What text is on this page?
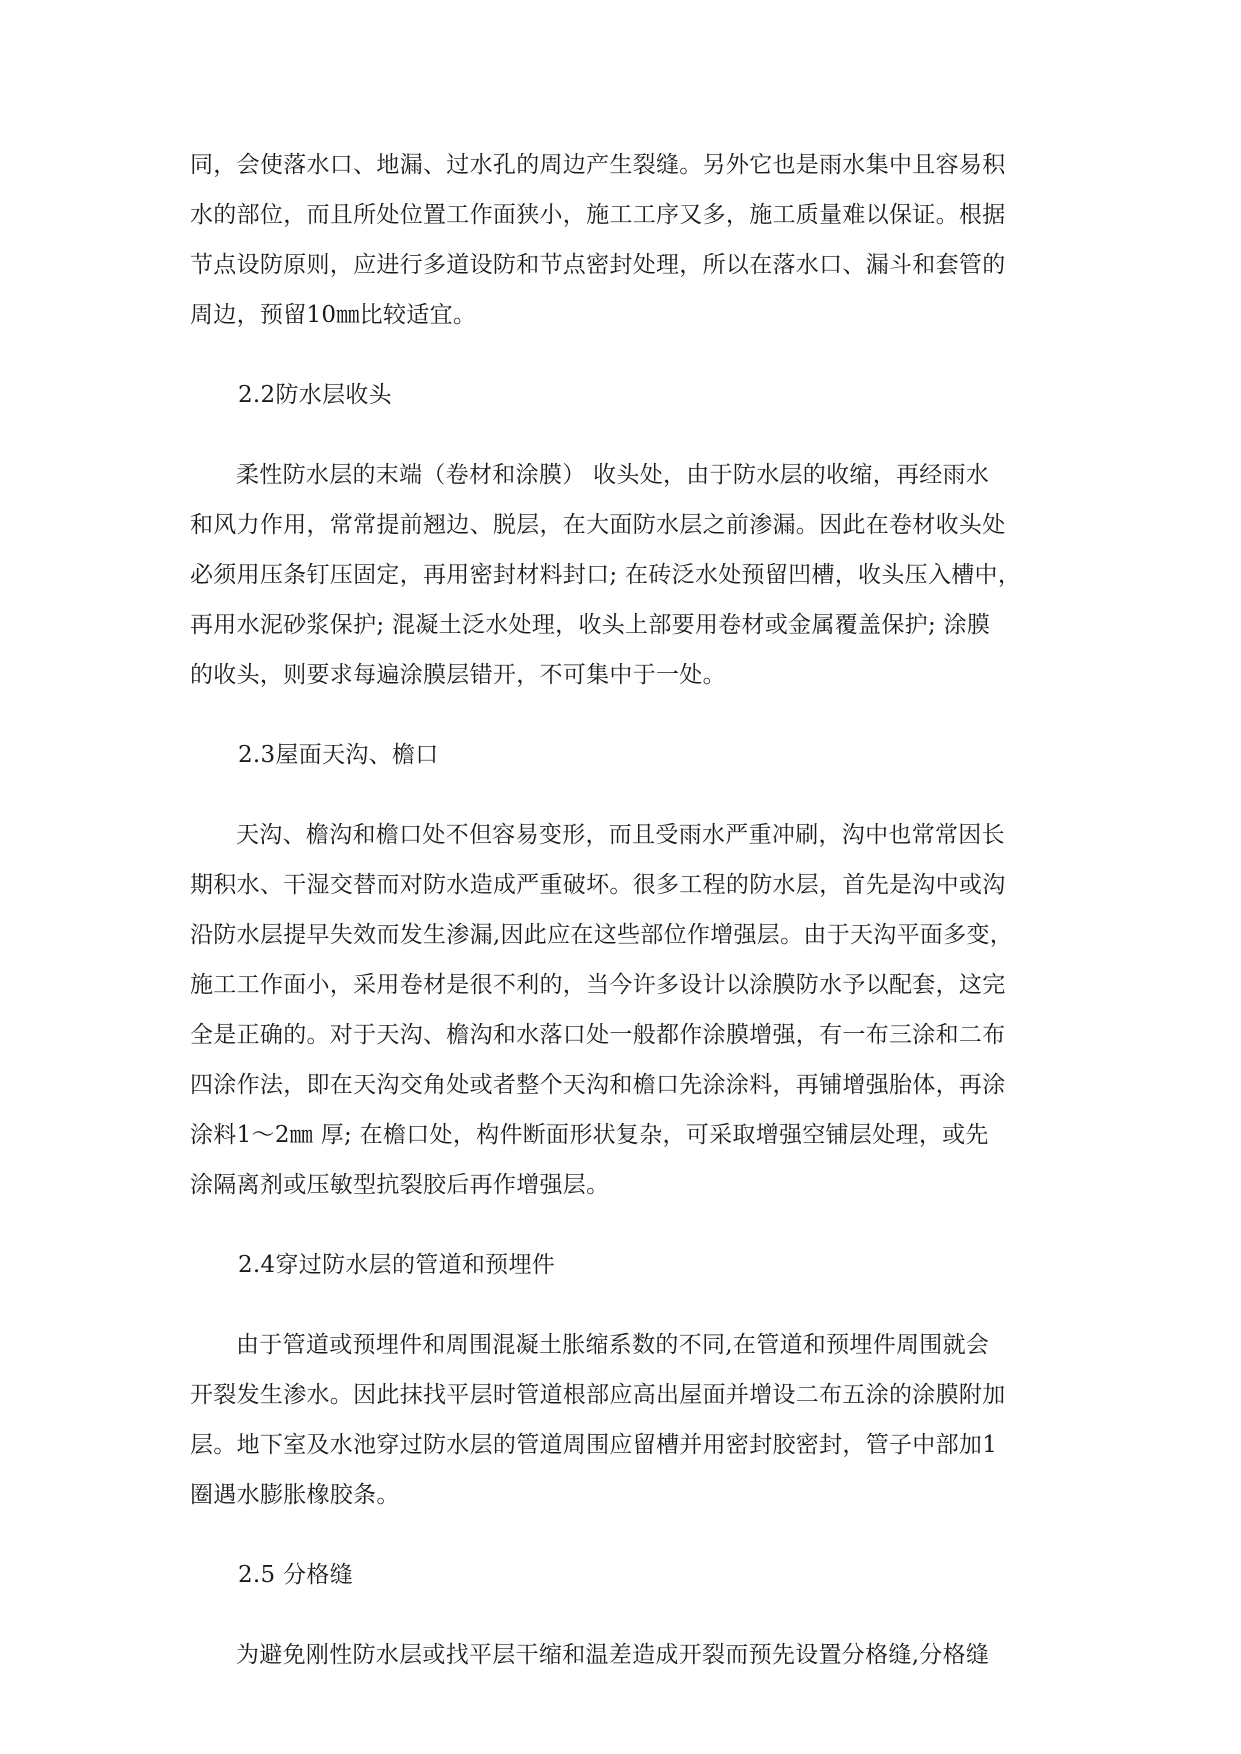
同，会使落水口、地漏、过水孔的周边产生裂缝。另外它也是雨水集中且容易积
水的部位，而且所处位置工作面狭小，施工工序又多，施工质量难以保证。根据
节点设防原则，应进行多道设防和节点密封处理，所以在落水口、漏斗和套管的
周边，预留10㎜比较适宜。
2.2防水层收头
柔性防水层的末端（卷材和涂膜） 收头处，由于防水层的收缩，再经雨水
和风力作用，常常提前翘边、脱层，在大面防水层之前渗漏。因此在卷材收头处
必须用压条钉压固定，再用密封材料封口; 在砖泛水处预留凹槽，收头压入槽中，
再用水泥砂浆保护; 混凝土泛水处理，收头上部要用卷材或金属覆盖保护; 涂膜
的收头，则要求每遍涂膜层错开，不可集中于一处。
2.3屋面天沟、檐口
天沟、檐沟和檐口处不但容易变形，而且受雨水严重冲刷，沟中也常常因长
期积水、干湿交替而对防水造成严重破坏。很多工程的防水层，首先是沟中或沟
沿防水层提早失效而发生渗漏,因此应在这些部位作增强层。由于天沟平面多变，
施工工作面小，采用卷材是很不利的，当今许多设计以涂膜防水予以配套，这完
全是正确的。对于天沟、檐沟和水落口处一般都作涂膜增强，有一布三涂和二布
四涂作法，即在天沟交角处或者整个天沟和檐口先涂涂料，再铺增强胎体，再涂
涂料1～2㎜ 厚; 在檐口处，构件断面形状复杂，可采取增强空铺层处理，或先
涂隔离剂或压敏型抗裂胶后再作增强层。
2.4穿过防水层的管道和预埋件
由于管道或预埋件和周围混凝土胀缩系数的不同,在管道和预埋件周围就会
开裂发生渗水。因此抹找平层时管道根部应高出屋面并增设二布五涂的涂膜附加
层。地下室及水池穿过防水层的管道周围应留槽并用密封胶密封，管子中部加1
圈遇水膨胀橡胶条。
2.5 分格缝
为避免刚性防水层或找平层干缩和温差造成开裂而预先设置分格缝,分格缝
